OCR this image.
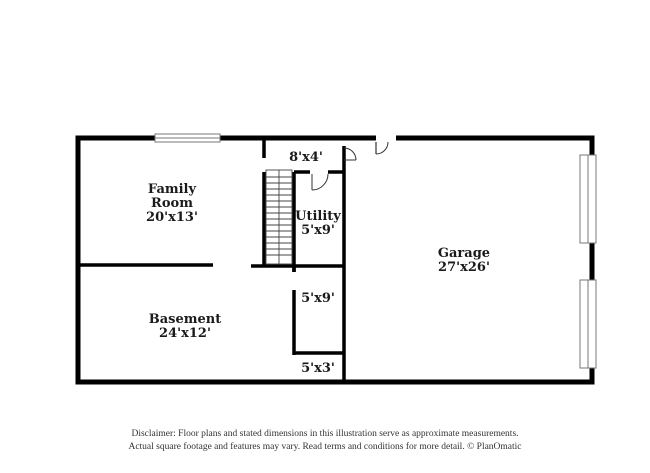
Family
Room
20'x13'
Basement
24'x12'
Garage
27'x26'
Utility
5'x9'
8'x4'
5'x9'
5'x3'
Disclaimer: Floor plans and stated dimensions in this illustration serve as approximate measurements.
Actual square footage and features may vary. Read terms and conditions for more detail. © PlanOmatic
